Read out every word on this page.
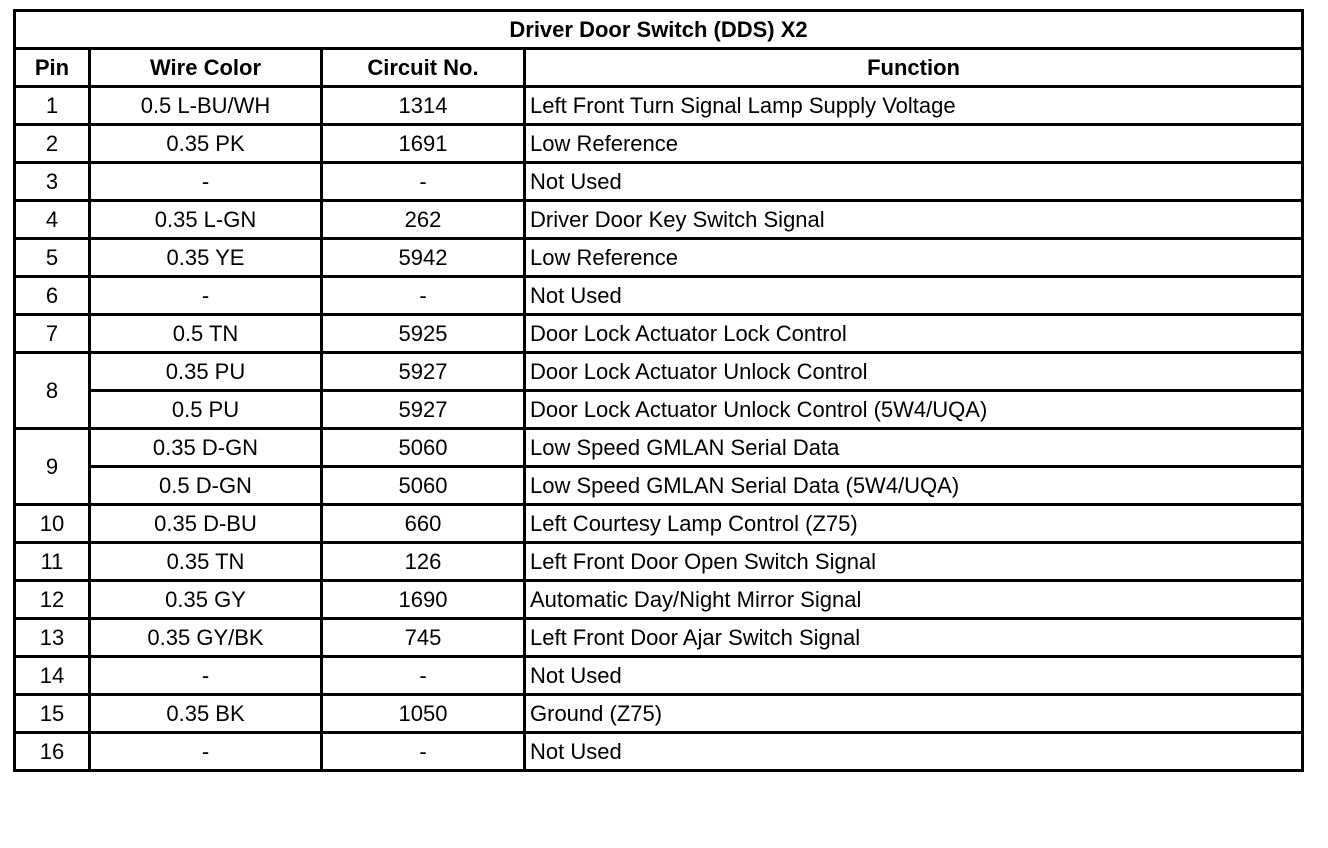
Driver Door Switch (DDS) X2			
Pin	Wire Color	Circuit No.	Function
1	0.5 L-BU/WH	1314	Left Front Turn Signal Lamp Supply Voltage
2	0.35 PK	1691	Low Reference
3	-	-	Not Used
4	0.35 L-GN	262	Driver Door Key Switch Signal
5	0.35 YE	5942	Low Reference
6	-	-	Not Used
7	0.5 TN	5925	Door Lock Actuator Lock Control
8	0.35 PU	5927	Door Lock Actuator Unlock Control
	0.5 PU	5927	Door Lock Actuator Unlock Control (5W4/UQA)
9	0.35 D-GN	5060	Low Speed GMLAN Serial Data
	0.5 D-GN	5060	Low Speed GMLAN Serial Data (5W4/UQA)
10	0.35 D-BU	660	Left Courtesy Lamp Control (Z75)
11	0.35 TN	126	Left Front Door Open Switch Signal
12	0.35 GY	1690	Automatic Day/Night Mirror Signal
13	0.35 GY/BK	745	Left Front Door Ajar Switch Signal
14	-	-	Not Used
15	0.35 BK	1050	Ground (Z75)
16	-	-	Not Used
